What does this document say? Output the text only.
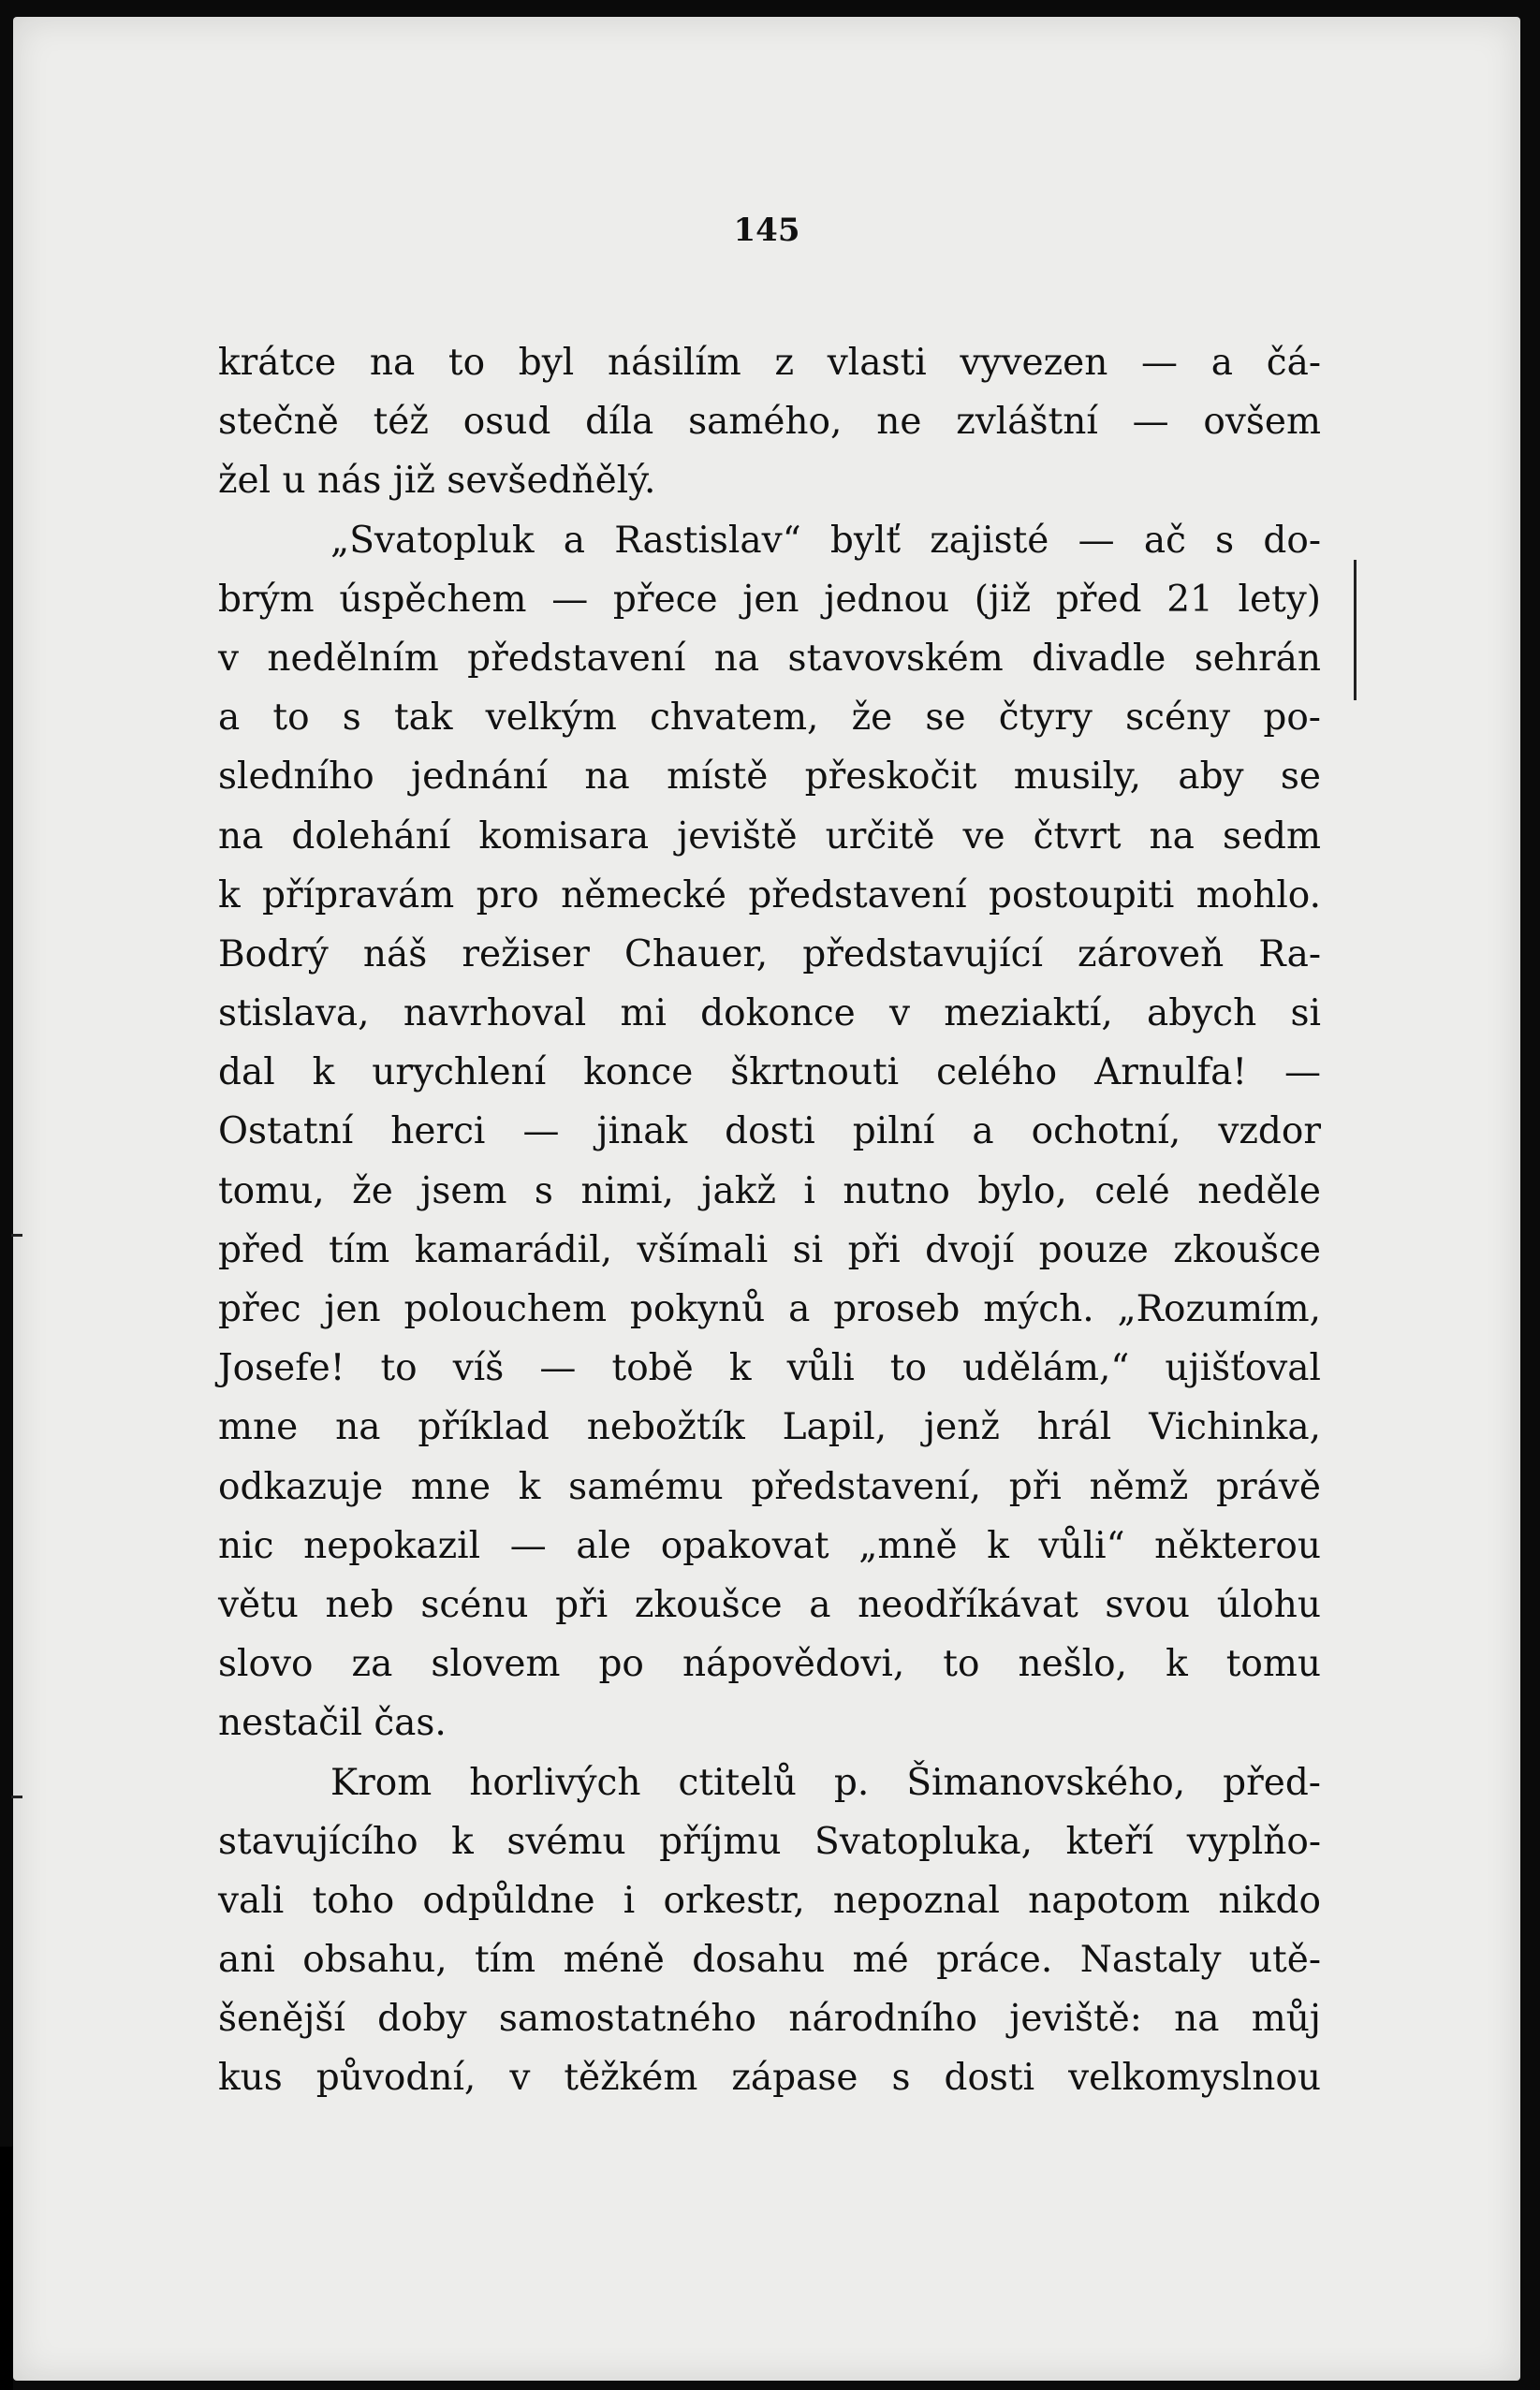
145
krátce na to byl násilím z vlasti vyvezen — a čá-
stečně též osud díla samého, ne zvláštní — ovšem
žel u nás již sevšedňělý.
„Svatopluk a Rastislav“ bylť zajisté — ač s do-
brým úspěchem — přece jen jednou (již před 21 lety)
v nedělním představení na stavovském divadle sehrán
a to s tak velkým chvatem, že se čtyry scény po-
sledního jednání na místě přeskočit musily, aby se
na dolehání komisara jeviště určitě ve čtvrt na sedm
k přípravám pro německé představení postoupiti mohlo.
Bodrý náš režiser Chauer, představující zároveň Ra-
stislava, navrhoval mi dokonce v meziaktí, abych si
dal k urychlení konce škrtnouti celého Arnulfa! —
Ostatní herci — jinak dosti pilní a ochotní, vzdor
tomu, že jsem s nimi, jakž i nutno bylo, celé neděle
před tím kamarádil, všímali si při dvojí pouze zkoušce
přec jen polouchem pokynů a proseb mých. „Rozumím,
Josefe! to víš — tobě k vůli to udělám,“ ujišťoval
mne na příklad nebožtík Lapil, jenž hrál Vichinka,
odkazuje mne k samému představení, při němž právě
nic nepokazil — ale opakovat „mně k vůli“ některou
větu neb scénu při zkoušce a neodříkávat svou úlohu
slovo za slovem po nápovědovi, to nešlo, k tomu
nestačil čas.
Krom horlivých ctitelů p. Šimanovského, před-
stavujícího k svému příjmu Svatopluka, kteří vyplňo-
vali toho odpůldne i orkestr, nepoznal napotom nikdo
ani obsahu, tím méně dosahu mé práce. Nastaly utě-
šenější doby samostatného národního jeviště: na můj
kus původní, v těžkém zápase s dosti velkomyslnou
